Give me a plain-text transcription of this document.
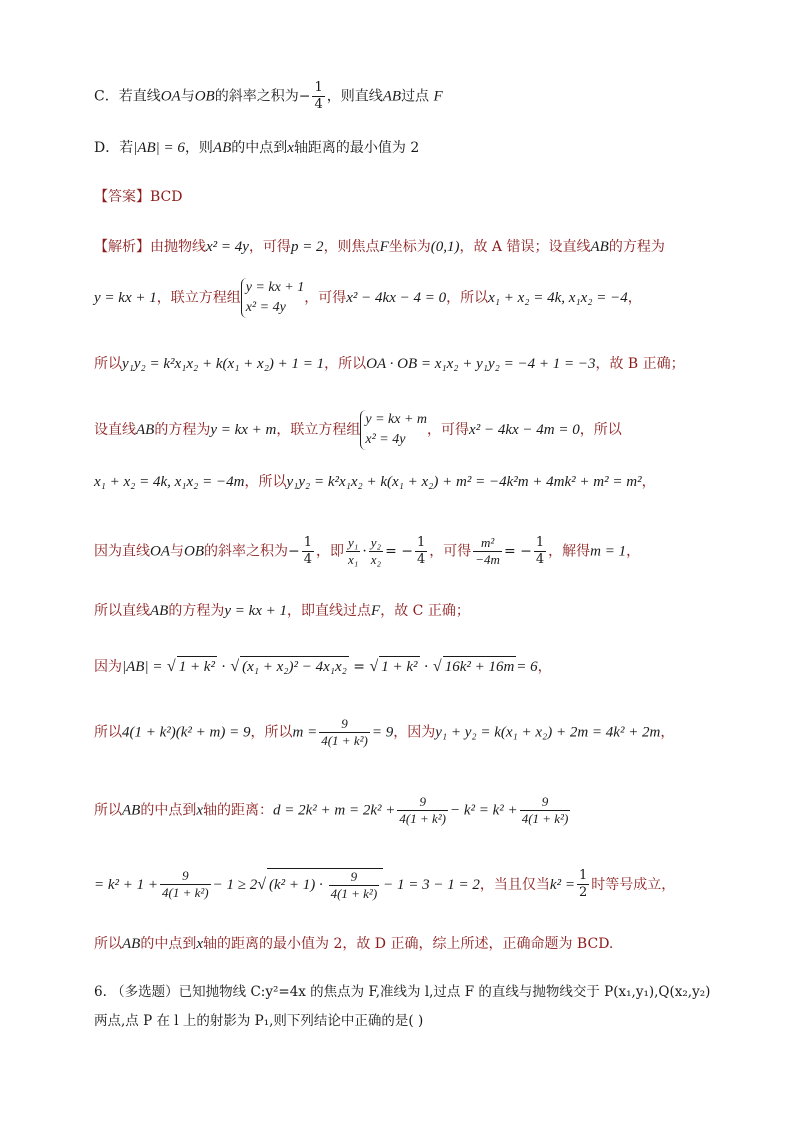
C．若直线OA与OB的斜率之积为− $\frac{1}{4}$ ，则直线AB过点 F
D．若|AB| = 6，则AB的中点到x轴距离的最小值为 2
【答案】BCD
【解析】由抛物线x² = 4y，可得p = 2，则焦点F坐标为(0,1)，故 A 错误；设直线AB的方程为
y = kx + 1，联立方程组
y = kx + 1
x² = 4y
，可得x² − 4kx − 4 = 0，所以x₁ + x₂ = 4k, x₁x₂ = −4，
所以y₁y₂ = k²x₁x₂ + k(x₁ + x₂) + 1 = 1，所以OA · OB = x₁x₂ + y₁y₂ = −4 + 1 = −3，故 B 正确；
设直线AB的方程为y = kx + m，联立方程组
y = kx + m
x² = 4y
，可得x² − 4kx − 4m = 0，所以
x₁ + x₂ = 4k, x₁x₂ = −4m，所以y₁y₂ = k²x₁x₂ + k(x₁ + x₂) + m² = −4k²m + 4mk² + m² = m²，
因为直线OA与OB的斜率之积为− $\frac{1}{4}$ ，即 $\frac{\text{y₁}}{\text{x₁}} \cdot \frac{\text{y₂}}{\text{x₂}}$ = − $\frac{1}{4}$ ，可得 $\frac{\text{m²}}{-4m}$ = − $\frac{1}{4}$ ，解得m = 1，
所以直线AB的方程为y = kx + 1，即直线过点F，故 C 正确；
因为|AB| = √ 1 + k² · √ (x₁ + x₂)² − 4x₁x₂ = √ 1 + k² · √ 16k² + 16m = 6，
所以4(1 + k²)(k² + m) = 9，所以$m = \frac{9}{\text{4(1 + k²)}} = 9$，因为y₁ + y₂ = k(x₁ + x₂) + 2m = 4k² + 2m，
所以AB的中点到x轴的距离：$d = 2k^2 + m = 2k^2 + \frac{9}{\text{4(1 + k²)}} - k^2 = k^2 + \frac{9}{\text{4(1 + k²)}}$
= $k^2 + 1 + \frac{9}{\text{4(1 + k²)}} - 1 \ge 2√$ $(k^2 + 1) \cdot \frac{9}{\text{4(1 + k²)}} - 1 = 3 - 1 = 2$，当且仅当$k^2 = \frac{1}{2}$ 时等号成立，
所以AB的中点到x轴的距离的最小值为 2，故 D 正确，综上所述，正确命题为 BCD.
6. （多选题）已知抛物线 C:y²=4x 的焦点为 F,准线为 l,过点 F 的直线与抛物线交于 P(x₁,y₁),Q(x₂,y₂)
两点,点 P 在 l 上的射影为 P₁,则下列结论中正确的是( )
